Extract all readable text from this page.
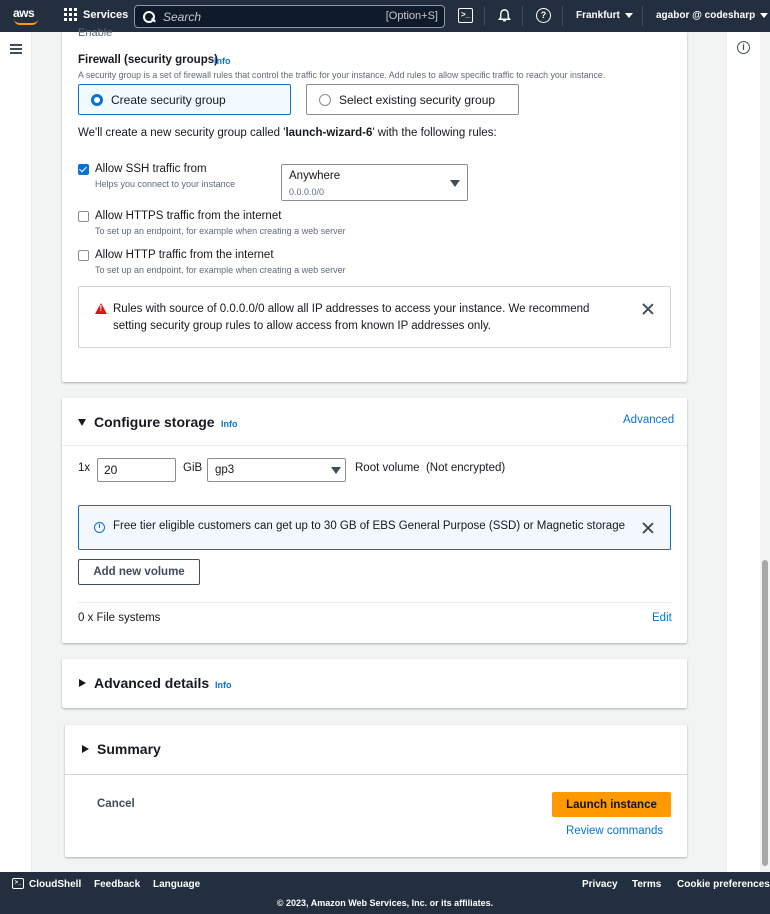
aws	Services
Search	[Option+S]	>_	?	Frankfurt	agabor @ codesharp
i
Enable
Firewall (security groups)
Info
A security group is a set of firewall rules that control the traffic for your instance. Add rules to allow specific traffic to reach your instance.
Create security group	Select existing security group
We'll create a new security group called 'launch-wizard-6' with the following rules:
Allow SSH traffic from
Helps you connect to your instance
Anywhere
0.0.0.0/0
Allow HTTPS traffic from the internet
To set up an endpoint, for example when creating a web server
Allow HTTP traffic from the internet
To set up an endpoint, for example when creating a web server
!
Rules with source of 0.0.0.0/0 allow all IP addresses to access your instance. We recommend setting security group rules to allow access from known IP addresses only.
Configure storage Info	Advanced
1x	20	GiB gp3	Root volume  (Not encrypted)
i	Free tier eligible customers can get up to 30 GB of EBS General Purpose (SSD) or Magnetic storage
Add new volume
0 x File systems	Edit
Advanced details Info
Summary
Cancel	Launch instance
Review commands
>_ CloudShell Feedback Language	Privacy Terms Cookie preferences
© 2023, Amazon Web Services, Inc. or its affiliates.
